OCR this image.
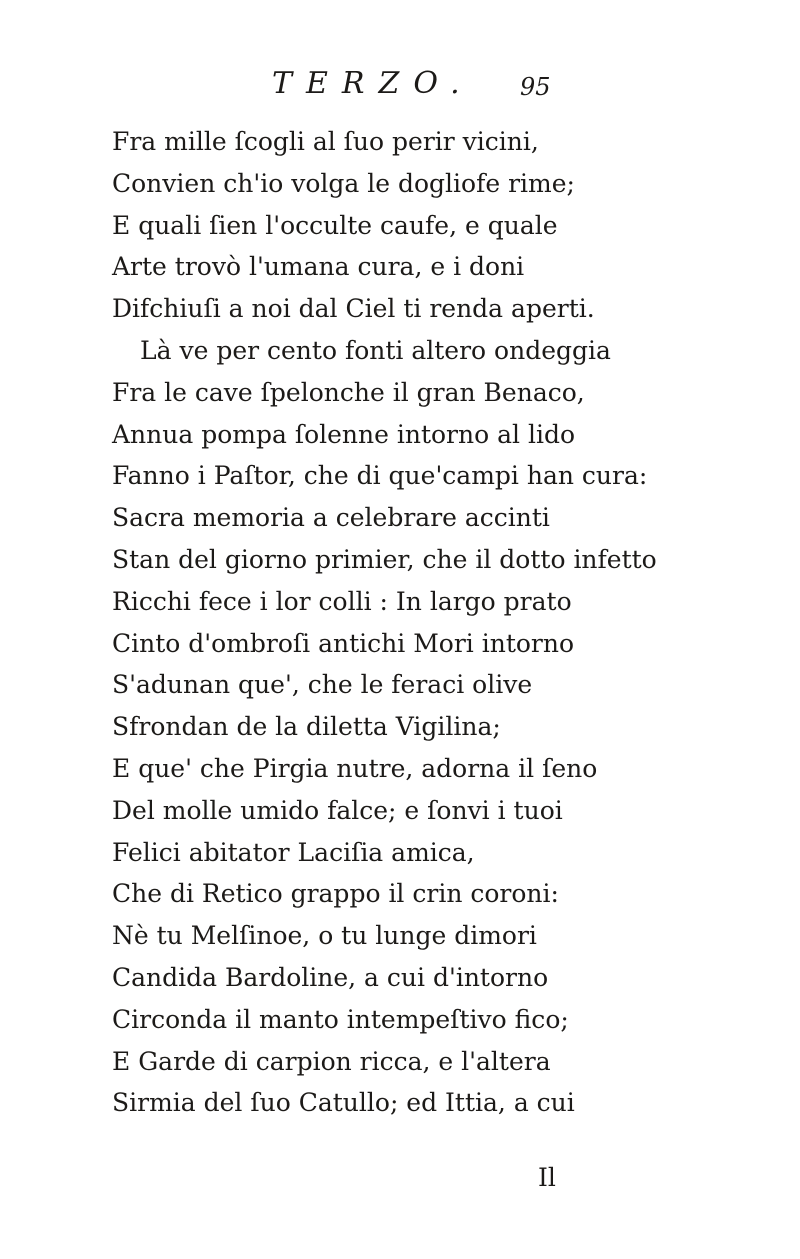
TERZO. 95
Fra mille ſcogli al ſuo perir vicini,
Convien ch'io volga le dogliofe rime;
E quali ſien l'occulte caufe, e quale
Arte trovò l'umana cura, e i doni
Difchiuſi a noi dal Ciel ti renda aperti.
Là ve per cento fonti altero ondeggia
Fra le cave ſpelonche il gran Benaco,
Annua pompa ſolenne intorno al lido
Fanno i Paſtor, che di que'campi han cura:
Sacra memoria a celebrare accinti
Stan del giorno primier, che il dotto infetto
Ricchi fece i lor colli : In largo prato
Cinto d'ombroſi antichi Mori intorno
S'adunan que', che le feraci olive
Sfrondan de la diletta Vigilina;
E que' che Pirgia nutre, adorna il ſeno
Del molle umido falce; e ſonvi i tuoi
Felici abitator Laciſia amica,
Che di Retico grappo il crin coroni:
Nè tu Melſinoe, o tu lunge dimori
Candida Bardoline, a cui d'intorno
Circonda il manto intempeſtivo fico;
E Garde di carpion ricca, e l'altera
Sirmia del ſuo Catullo; ed Ittia, a cui
Il
